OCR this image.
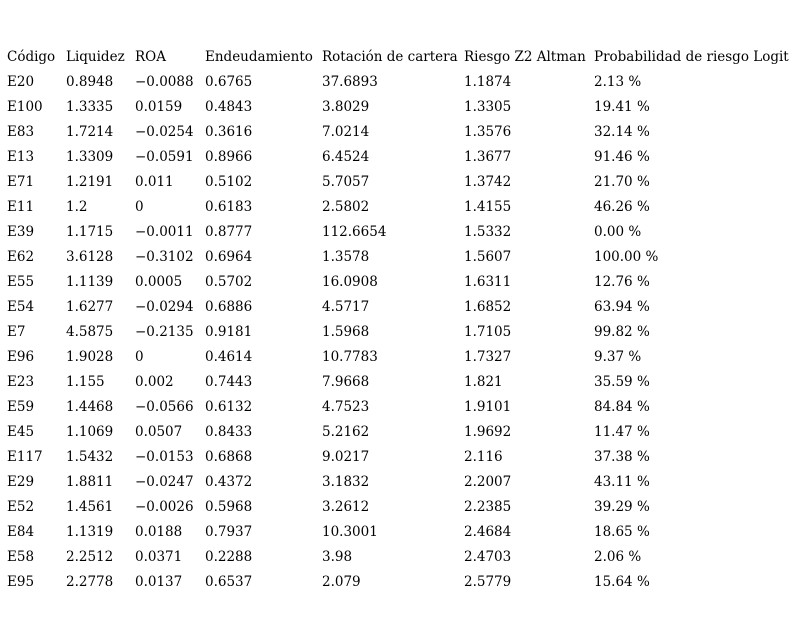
Código	Liquidez	ROA	Endeudamiento	Rotación de cartera	Riesgo Z2 Altman	Probabilidad de riesgo Logit
E20	0.8948	−0.0088	0.6765	37.6893	1.1874	2.13 %
E100	1.3335	0.0159	0.4843	3.8029	1.3305	19.41 %
E83	1.7214	−0.0254	0.3616	7.0214	1.3576	32.14 %
E13	1.3309	−0.0591	0.8966	6.4524	1.3677	91.46 %
E71	1.2191	0.011	0.5102	5.7057	1.3742	21.70 %
E11	1.2	0	0.6183	2.5802	1.4155	46.26 %
E39	1.1715	−0.0011	0.8777	112.6654	1.5332	0.00 %
E62	3.6128	−0.3102	0.6964	1.3578	1.5607	100.00 %
E55	1.1139	0.0005	0.5702	16.0908	1.6311	12.76 %
E54	1.6277	−0.0294	0.6886	4.5717	1.6852	63.94 %
E7	4.5875	−0.2135	0.9181	1.5968	1.7105	99.82 %
E96	1.9028	0	0.4614	10.7783	1.7327	9.37 %
E23	1.155	0.002	0.7443	7.9668	1.821	35.59 %
E59	1.4468	−0.0566	0.6132	4.7523	1.9101	84.84 %
E45	1.1069	0.0507	0.8433	5.2162	1.9692	11.47 %
E117	1.5432	−0.0153	0.6868	9.0217	2.116	37.38 %
E29	1.8811	−0.0247	0.4372	3.1832	2.2007	43.11 %
E52	1.4561	−0.0026	0.5968	3.2612	2.2385	39.29 %
E84	1.1319	0.0188	0.7937	10.3001	2.4684	18.65 %
E58	2.2512	0.0371	0.2288	3.98	2.4703	2.06 %
E95	2.2778	0.0137	0.6537	2.079	2.5779	15.64 %
